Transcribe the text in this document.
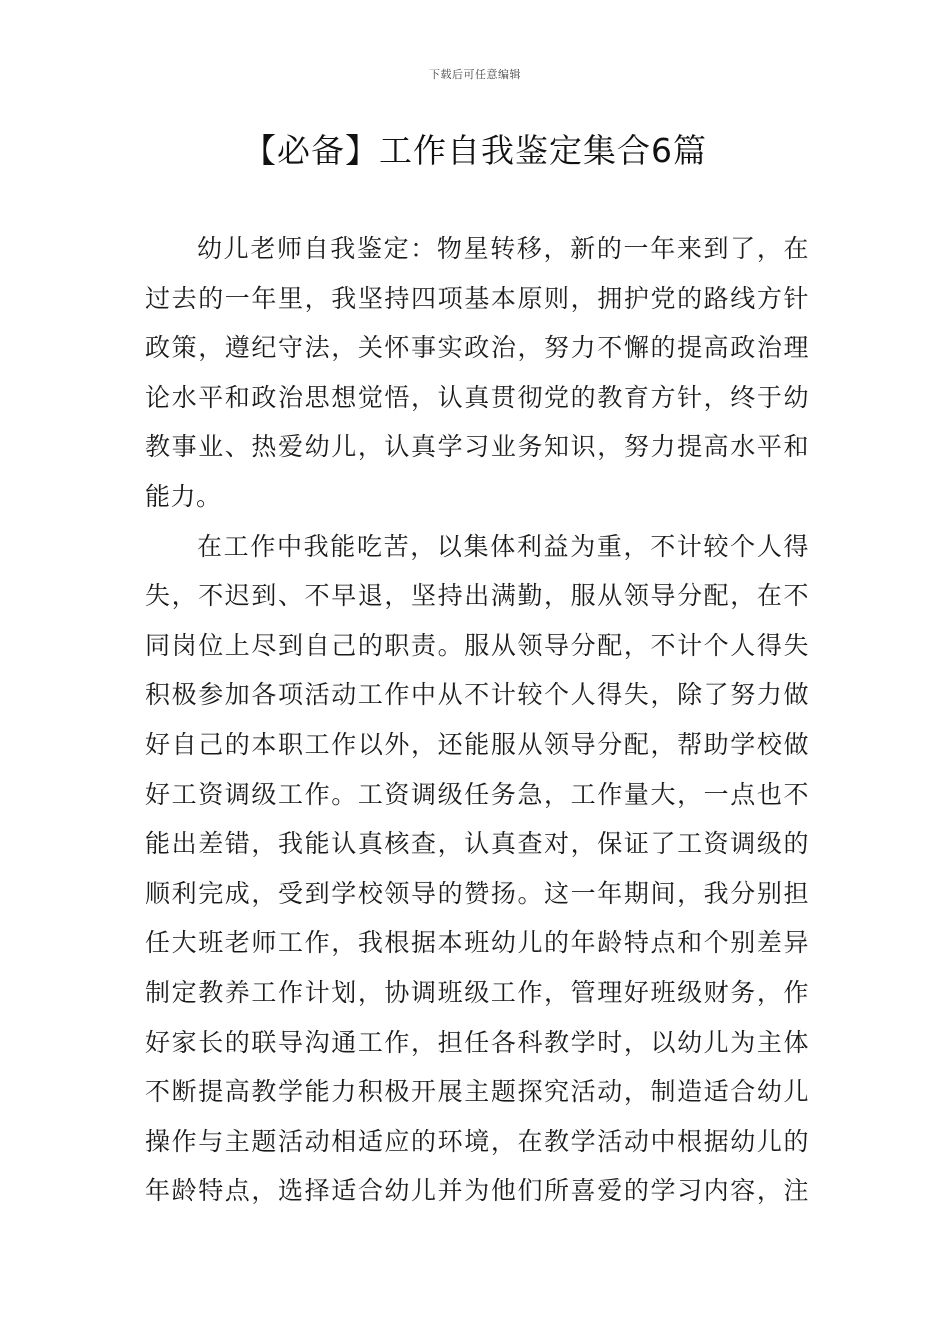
下载后可任意编辑
【必备】工作自我鉴定集合6篇
幼儿老师自我鉴定：物星转移，新的一年来到了，在
过去的一年里，我坚持四项基本原则，拥护党的路线方针
政策，遵纪守法，关怀事实政治，努力不懈的提高政治理
论水平和政治思想觉悟，认真贯彻党的教育方针，终于幼
教事业、热爱幼儿，认真学习业务知识，努力提高水平和
能力。
在工作中我能吃苦，以集体利益为重，不计较个人得
失，不迟到、不早退，坚持出满勤，服从领导分配，在不
同岗位上尽到自己的职责。服从领导分配，不计个人得失
积极参加各项活动工作中从不计较个人得失，除了努力做
好自己的本职工作以外，还能服从领导分配，帮助学校做
好工资调级工作。工资调级任务急，工作量大，一点也不
能出差错，我能认真核查，认真查对，保证了工资调级的
顺利完成，受到学校领导的赞扬。这一年期间，我分别担
任大班老师工作，我根据本班幼儿的年龄特点和个别差异
制定教养工作计划，协调班级工作，管理好班级财务，作
好家长的联导沟通工作，担任各科教学时，以幼儿为主体
不断提高教学能力积极开展主题探究活动，制造适合幼儿
操作与主题活动相适应的环境，在教学活动中根据幼儿的
年龄特点，选择适合幼儿并为他们所喜爱的学习内容，注
